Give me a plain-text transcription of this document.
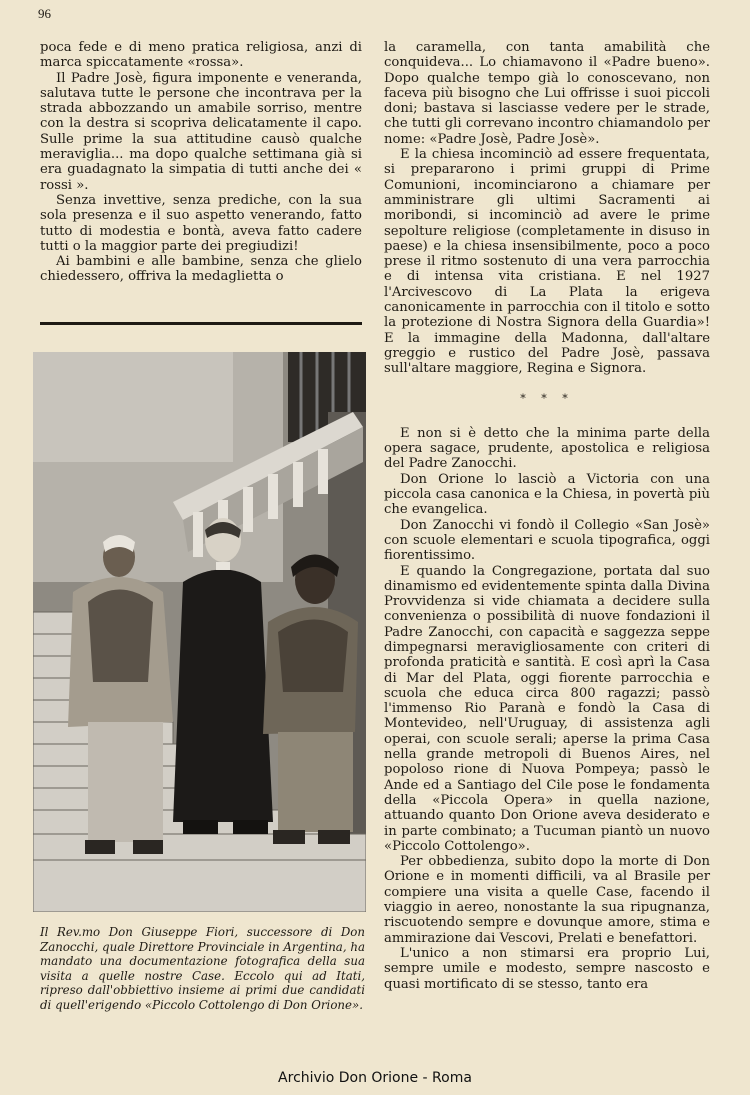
96

poca fede e di meno pratica religiosa, anzi di marca spiccatamente «rossa».

Il Padre Josè, figura imponente e veneranda, salutava tutte le persone che incontrava per la strada abbozzando un amabile sorriso, mentre con la destra si scopriva delicatamente il capo. Sulle prime la sua attitudine causò qualche meraviglia... ma dopo qualche settimana già si era guadagnato la simpatia di tutti anche dei « rossi ».

Senza invettive, senza prediche, con la sua sola presenza e il suo aspetto venerando, fatto tutto di modestia e bontà, aveva fatto cadere tutti o la maggior parte dei pregiudizi!

Ai bambini e alle bambine, senza che glielo chiedessero, offriva la medaglietta o

Il Rev.mo Don Giuseppe Fiori, successore di Don Zanocchi, quale Direttore Provinciale in Argentina, ha mandato una documentazione fotografica della sua visita a quelle nostre Case. Eccolo qui ad Itati, ripreso dall'obbiettivo insieme ai primi due candidati di quell'erigendo «Piccolo Cottolengo di Don Orione».

la caramella, con tanta amabilità che conquideva... Lo chiamavono il «Padre bueno». Dopo qualche tempo già lo conoscevano, non faceva più bisogno che Lui offrisse i suoi piccoli doni; bastava si lasciasse vedere per le strade, che tutti gli correvano incontro chiamandolo per nome: «Padre Josè, Padre Josè».

E la chiesa incominciò ad essere frequentata, si prepararono i primi gruppi di Prime Comunioni, incominciarono a chiamare per amministrare gli ultimi Sacramenti ai moribondi, si incominciò ad avere le prime sepolture religiose (completamente in disuso in paese) e la chiesa insensibilmente, poco a poco prese il ritmo sostenuto di una vera parrocchia e di intensa vita cristiana. E nel 1927 l'Arcivescovo di La Plata la erigeva canonicamente in parrocchia con il titolo e sotto la protezione di Nostra Signora della Guardia»! E la immagine della Madonna, dall'altare greggio e rustico del Padre Josè, passava sull'altare maggiore, Regina e Signora.

* * *

E non si è detto che la minima parte della opera sagace, prudente, apostolica e religiosa del Padre Zanocchi.

Don Orione lo lasciò a Victoria con una piccola casa canonica e la Chiesa, in povertà più che evangelica.

Don Zanocchi vi fondò il Collegio «San Josè» con scuole elementari e scuola tipografica, oggi fiorentissimo.

E quando la Congregazione, portata dal suo dinamismo ed evidentemente spinta dalla Divina Provvidenza si vide chiamata a decidere sulla convenienza o possibilità di nuove fondazioni il Padre Zanocchi, con capacità e saggezza seppe dimpegnarsi meravigliosamente con criteri di profonda praticità e santità. E così aprì la Casa di Mar del Plata, oggi fiorente parrocchia e scuola che educa circa 800 ragazzi; passò l'immenso Rio Paranà e fondò la Casa di Montevideo, nell'Uruguay, di assistenza agli operai, con scuole serali; aperse la prima Casa nella grande metropoli di Buenos Aires, nel popoloso rione di Nuova Pompeya; passò le Ande ed a Santiago del Cile pose le fondamenta della «Piccola Opera» in quella nazione, attuando quanto Don Orione aveva desiderato e in parte combinato; a Tucuman piantò un nuovo «Piccolo Cottolengo».

Per obbedienza, subito dopo la morte di Don Orione e in momenti difficili, va al Brasile per compiere una visita a quelle Case, facendo il viaggio in aereo, nonostante la sua ripugnanza, riscuotendo sempre e dovunque amore, stima e ammirazione dai Vescovi, Prelati e benefattori.

L'unico a non stimarsi era proprio Lui, sempre umile e modesto, sempre nascosto e quasi mortificato di se stesso, tanto era

Archivio Don Orione - Roma
